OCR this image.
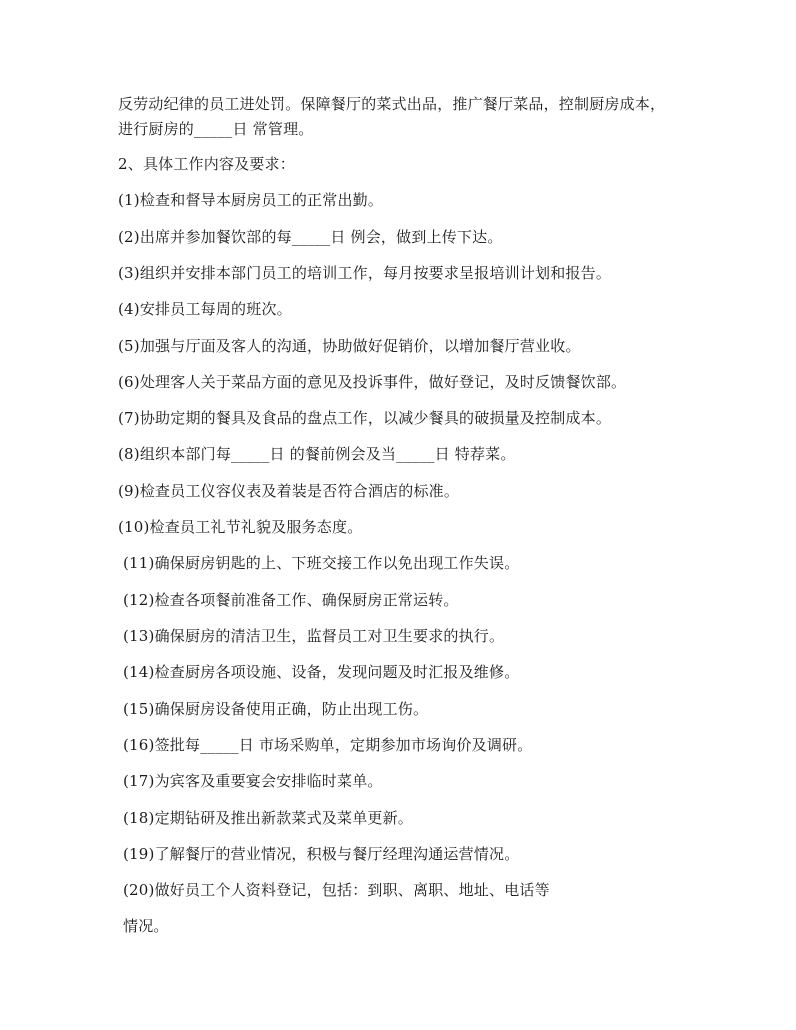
反劳动纪律的员工进处罚。保障餐厅的菜式出品，推广餐厅菜品，控制厨房成本，
进行厨房的_____日 常管理。
2、具体工作内容及要求：
(1)检查和督导本厨房员工的正常出勤。
(2)出席并参加餐饮部的每_____日 例会，做到上传下达。
(3)组织并安排本部门员工的培训工作，每月按要求呈报培训计划和报告。
(4)安排员工每周的班次。
(5)加强与厅面及客人的沟通，协助做好促销价，以增加餐厅营业收。
(6)处理客人关于菜品方面的意见及投诉事件，做好登记，及时反馈餐饮部。
(7)协助定期的餐具及食品的盘点工作，以减少餐具的破损量及控制成本。
(8)组织本部门每_____日 的餐前例会及当_____日 特荐菜。
(9)检查员工仪容仪表及着装是否符合酒店的标准。
(10)检查员工礼节礼貌及服务态度。
(11)确保厨房钥匙的上、下班交接工作以免出现工作失误。
(12)检查各项餐前准备工作、确保厨房正常运转。
(13)确保厨房的清洁卫生，监督员工对卫生要求的执行。
(14)检查厨房各项设施、设备，发现问题及时汇报及维修。
(15)确保厨房设备使用正确，防止出现工伤。
(16)签批每_____日 市场采购单，定期参加市场询价及调研。
(17)为宾客及重要宴会安排临时菜单。
(18)定期钻研及推出新款菜式及菜单更新。
(19)了解餐厅的营业情况，积极与餐厅经理沟通运营情况。
(20)做好员工个人资料登记，包括：到职、离职、地址、电话等
情况。
